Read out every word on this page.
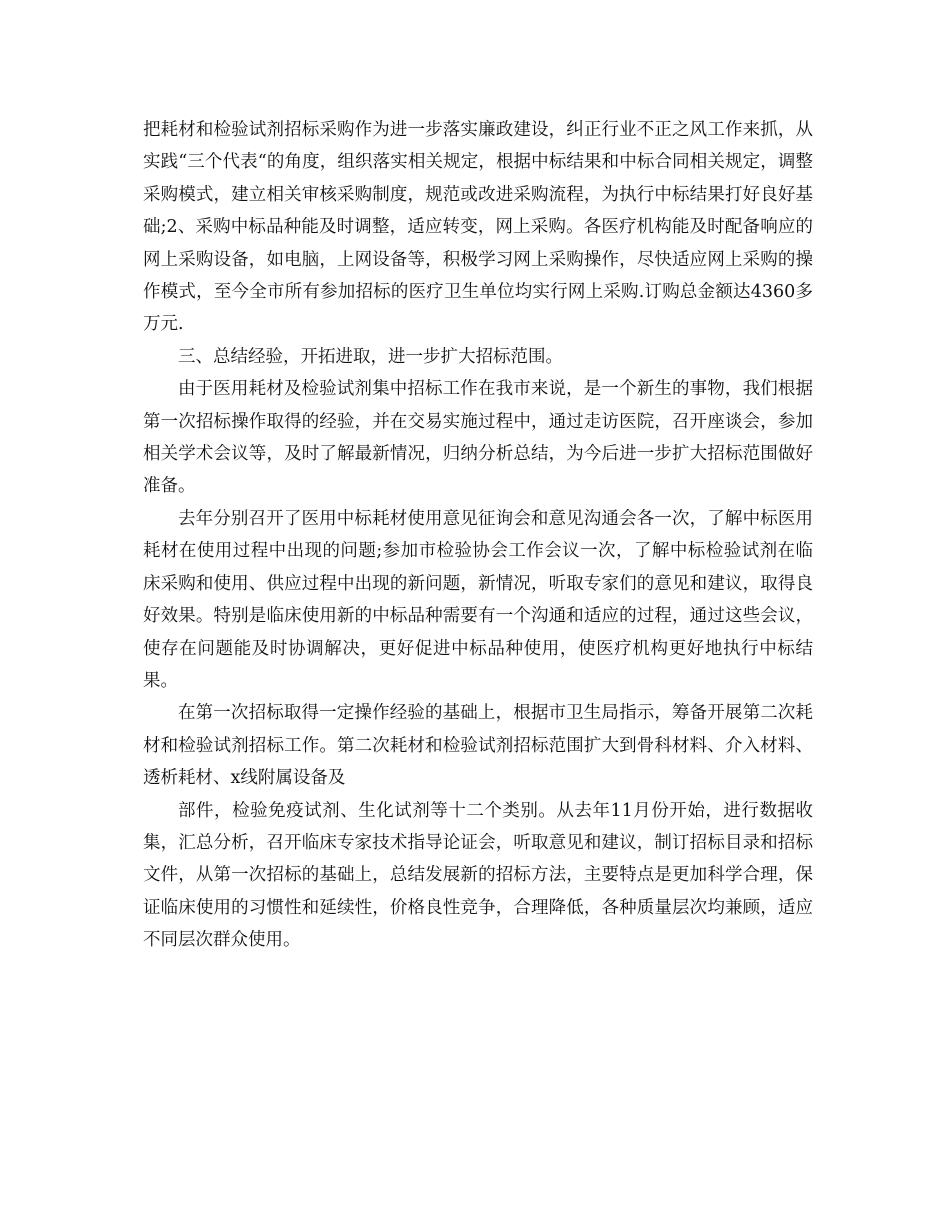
把耗材和检验试剂招标采购作为进一步落实廉政建设，纠正行业不正之风工作来抓，从实践“三个代表“的角度，组织落实相关规定，根据中标结果和中标合同相关规定，调整采购模式，建立相关审核采购制度，规范或改进采购流程，为执行中标结果打好良好基础;2、采购中标品种能及时调整，适应转变，网上采购。各医疗机构能及时配备响应的网上采购设备，如电脑，上网设备等，积极学习网上采购操作，尽快适应网上采购的操作模式，至今全市所有参加招标的医疗卫生单位均实行网上采购.订购总金额达4360多万元.

三、总结经验，开拓进取，进一步扩大招标范围。

由于医用耗材及检验试剂集中招标工作在我市来说，是一个新生的事物，我们根据第一次招标操作取得的经验，并在交易实施过程中，通过走访医院，召开座谈会，参加相关学术会议等，及时了解最新情况，归纳分析总结，为今后进一步扩大招标范围做好准备。

去年分别召开了医用中标耗材使用意见征询会和意见沟通会各一次，了解中标医用耗材在使用过程中出现的问题;参加市检验协会工作会议一次，了解中标检验试剂在临床采购和使用、供应过程中出现的新问题，新情况，听取专家们的意见和建议，取得良好效果。特别是临床使用新的中标品种需要有一个沟通和适应的过程，通过这些会议，使存在问题能及时协调解决，更好促进中标品种使用，使医疗机构更好地执行中标结果。

在第一次招标取得一定操作经验的基础上，根据市卫生局指示，筹备开展第二次耗材和检验试剂招标工作。第二次耗材和检验试剂招标范围扩大到骨科材料、介入材料、透析耗材、x线附属设备及

部件，检验免疫试剂、生化试剂等十二个类别。从去年11月份开始，进行数据收集，汇总分析，召开临床专家技术指导论证会，听取意见和建议，制订招标目录和招标文件，从第一次招标的基础上，总结发展新的招标方法，主要特点是更加科学合理，保证临床使用的习惯性和延续性，价格良性竞争，合理降低，各种质量层次均兼顾，适应不同层次群众使用。
